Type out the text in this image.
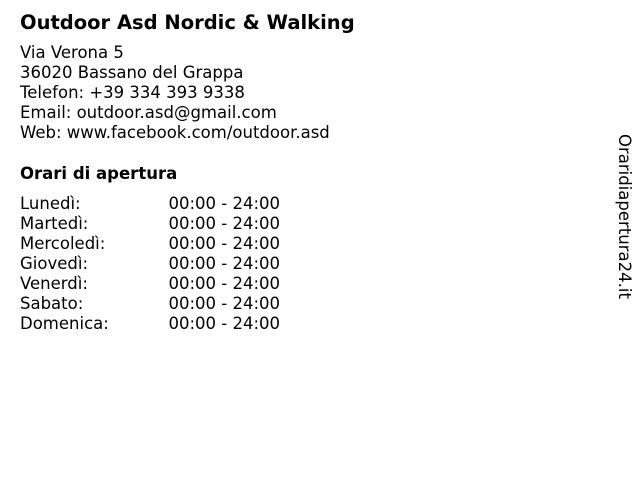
Outdoor Asd Nordic & Walking
Via Verona 5
36020 Bassano del Grappa
Telefon: +39 334 393 9338
Email: outdoor.asd@gmail.com
Web: www.facebook.com/outdoor.asd
Orari di apertura
Lunedì:	00:00 - 24:00
Martedì:	00:00 - 24:00
Mercoledì:	00:00 - 24:00
Giovedì:	00:00 - 24:00
Venerdì:	00:00 - 24:00
Sabato:	00:00 - 24:00
Domenica:	00:00 - 24:00
Oraridiapertura24.it
